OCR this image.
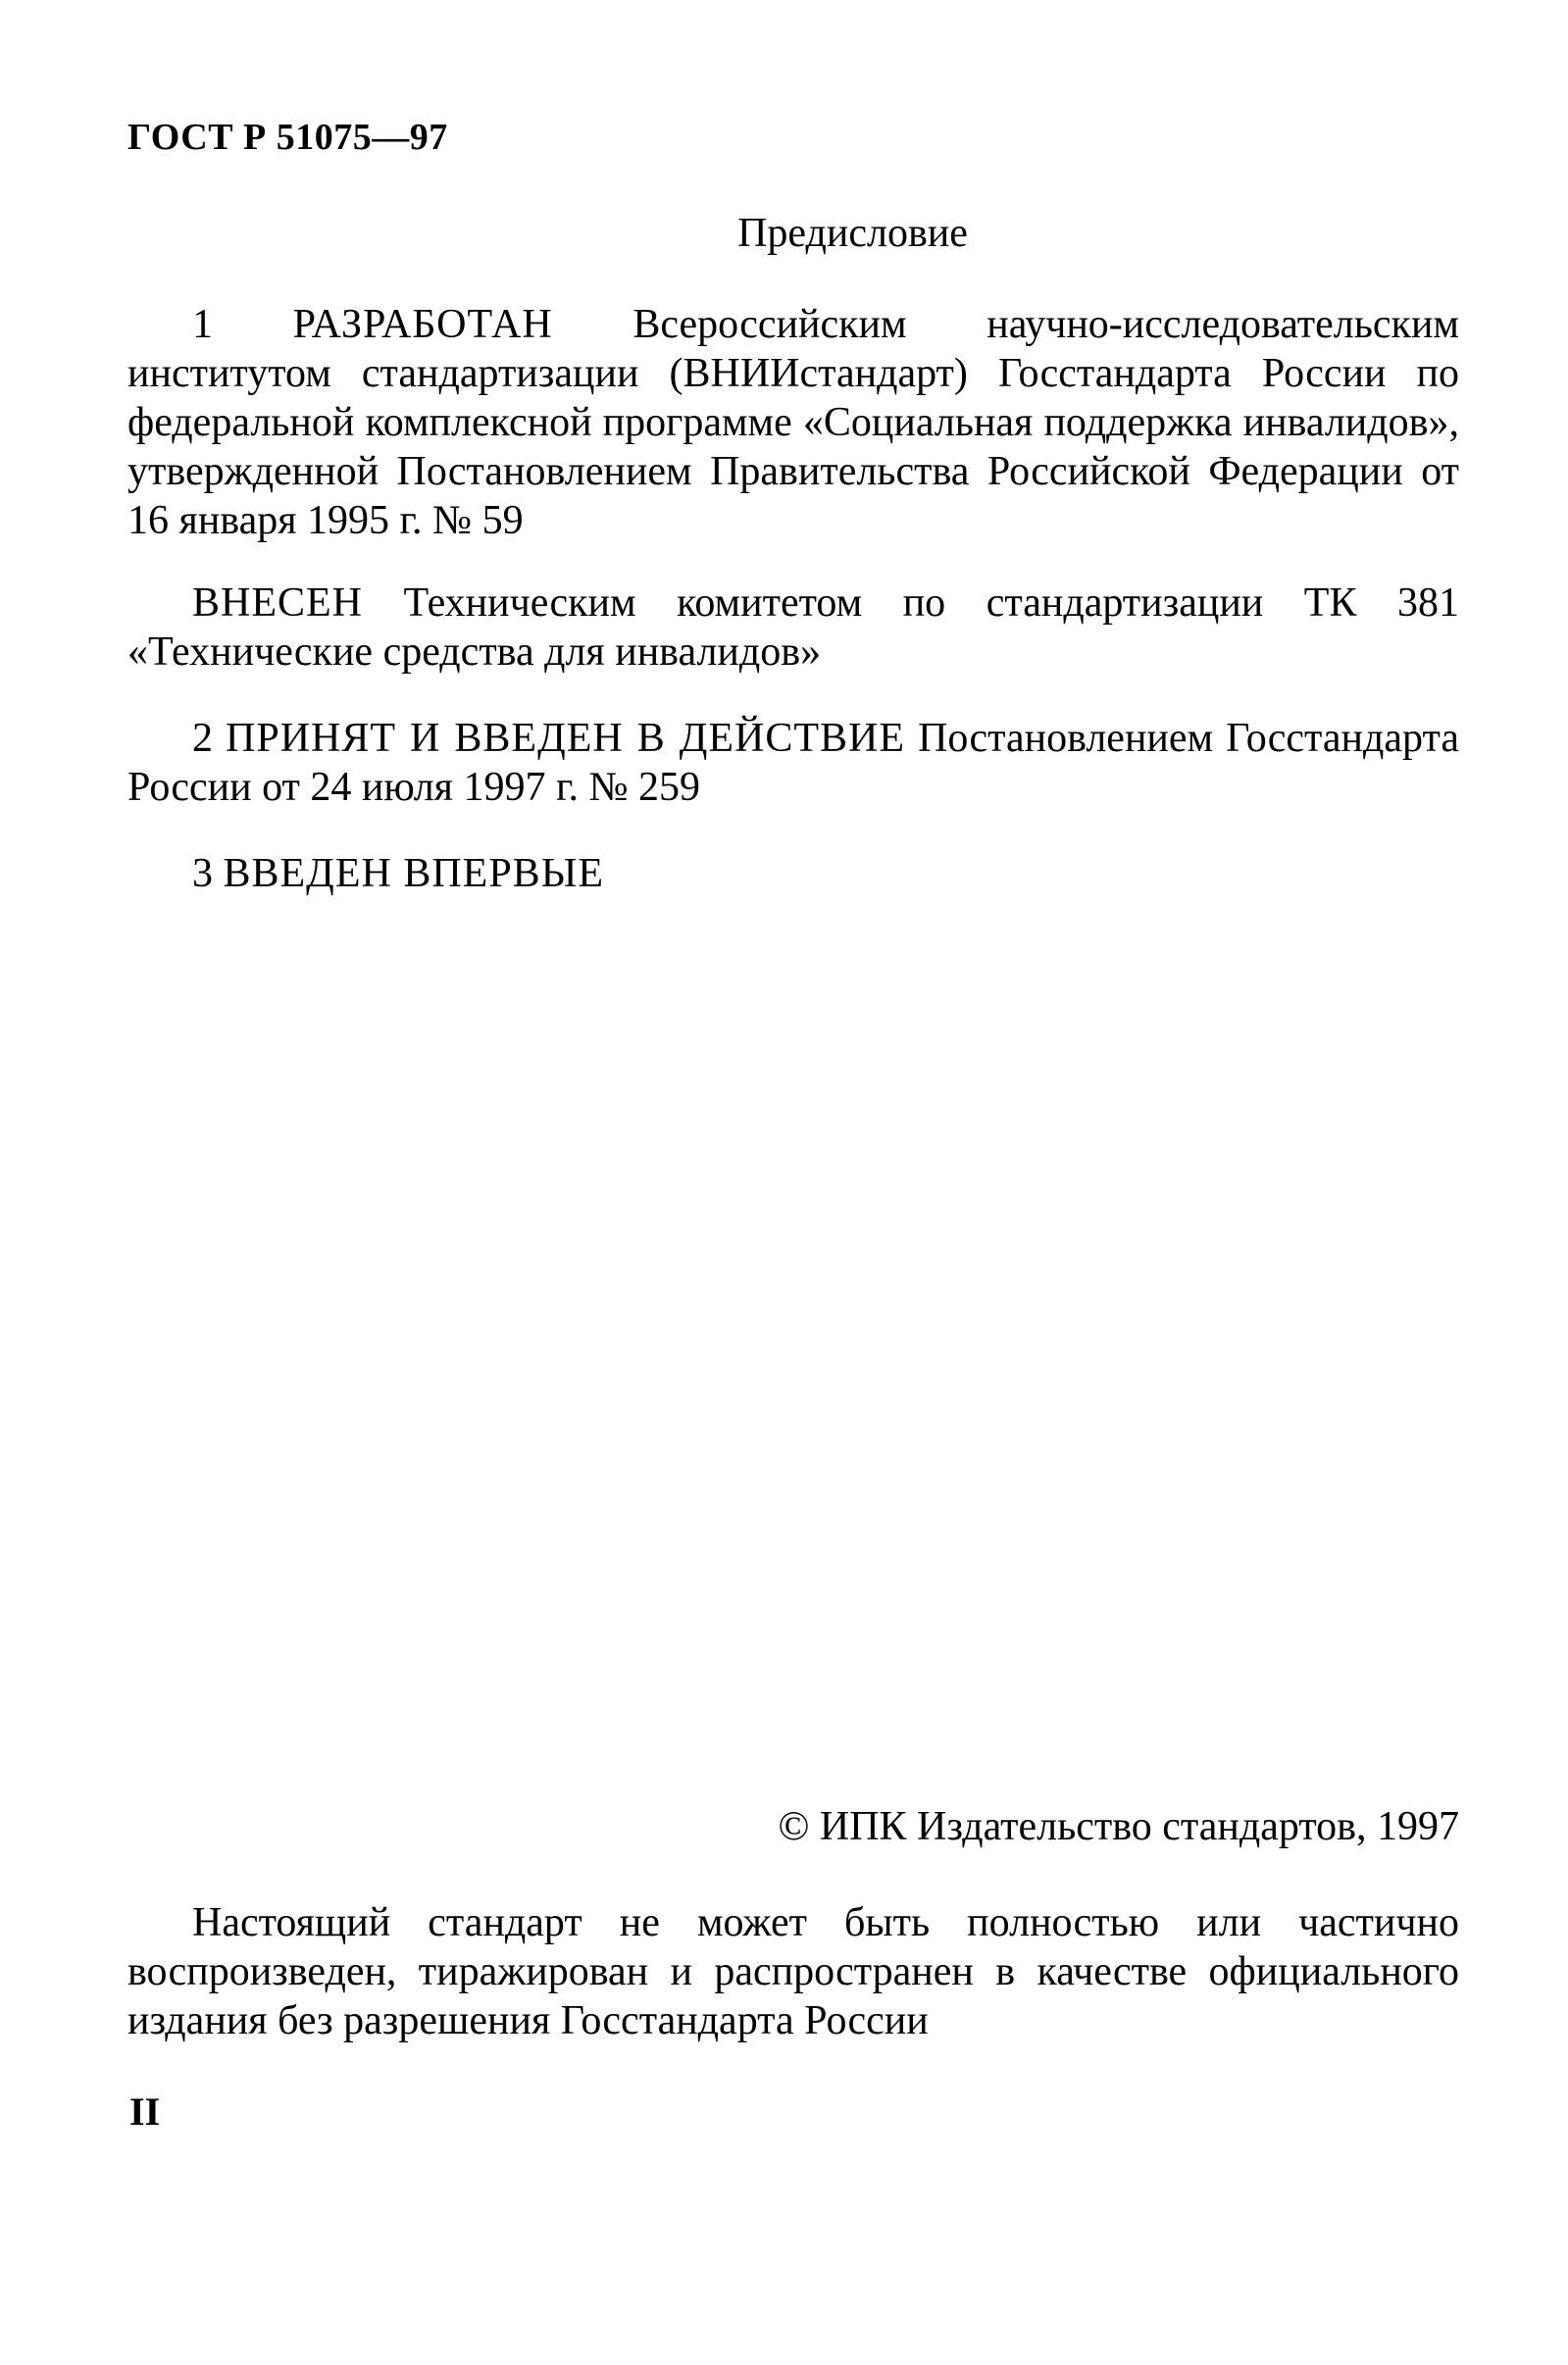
ГОСТ Р 51075—97
Предисловие
1 РАЗРАБОТАН Всероссийским научно-исследовательским институтом стандартизации (ВНИИстандарт) Госстандарта России по федеральной комплексной программе «Социальная поддержка инвалидов», утвержденной Постановлением Правительства Российской Федерации от 16 января 1995 г. № 59
ВНЕСЕН Техническим комитетом по стандартизации ТК 381 «Технические средства для инвалидов»
2 ПРИНЯТ И ВВЕДЕН В ДЕЙСТВИЕ Постановлением Госстандарта России от 24 июля 1997 г. № 259
3 ВВЕДЕН ВПЕРВЫЕ
© ИПК Издательство стандартов, 1997
Настоящий стандарт не может быть полностью или частично воспроизведен, тиражирован и распространен в качестве официального издания без разрешения Госстандарта России
II
